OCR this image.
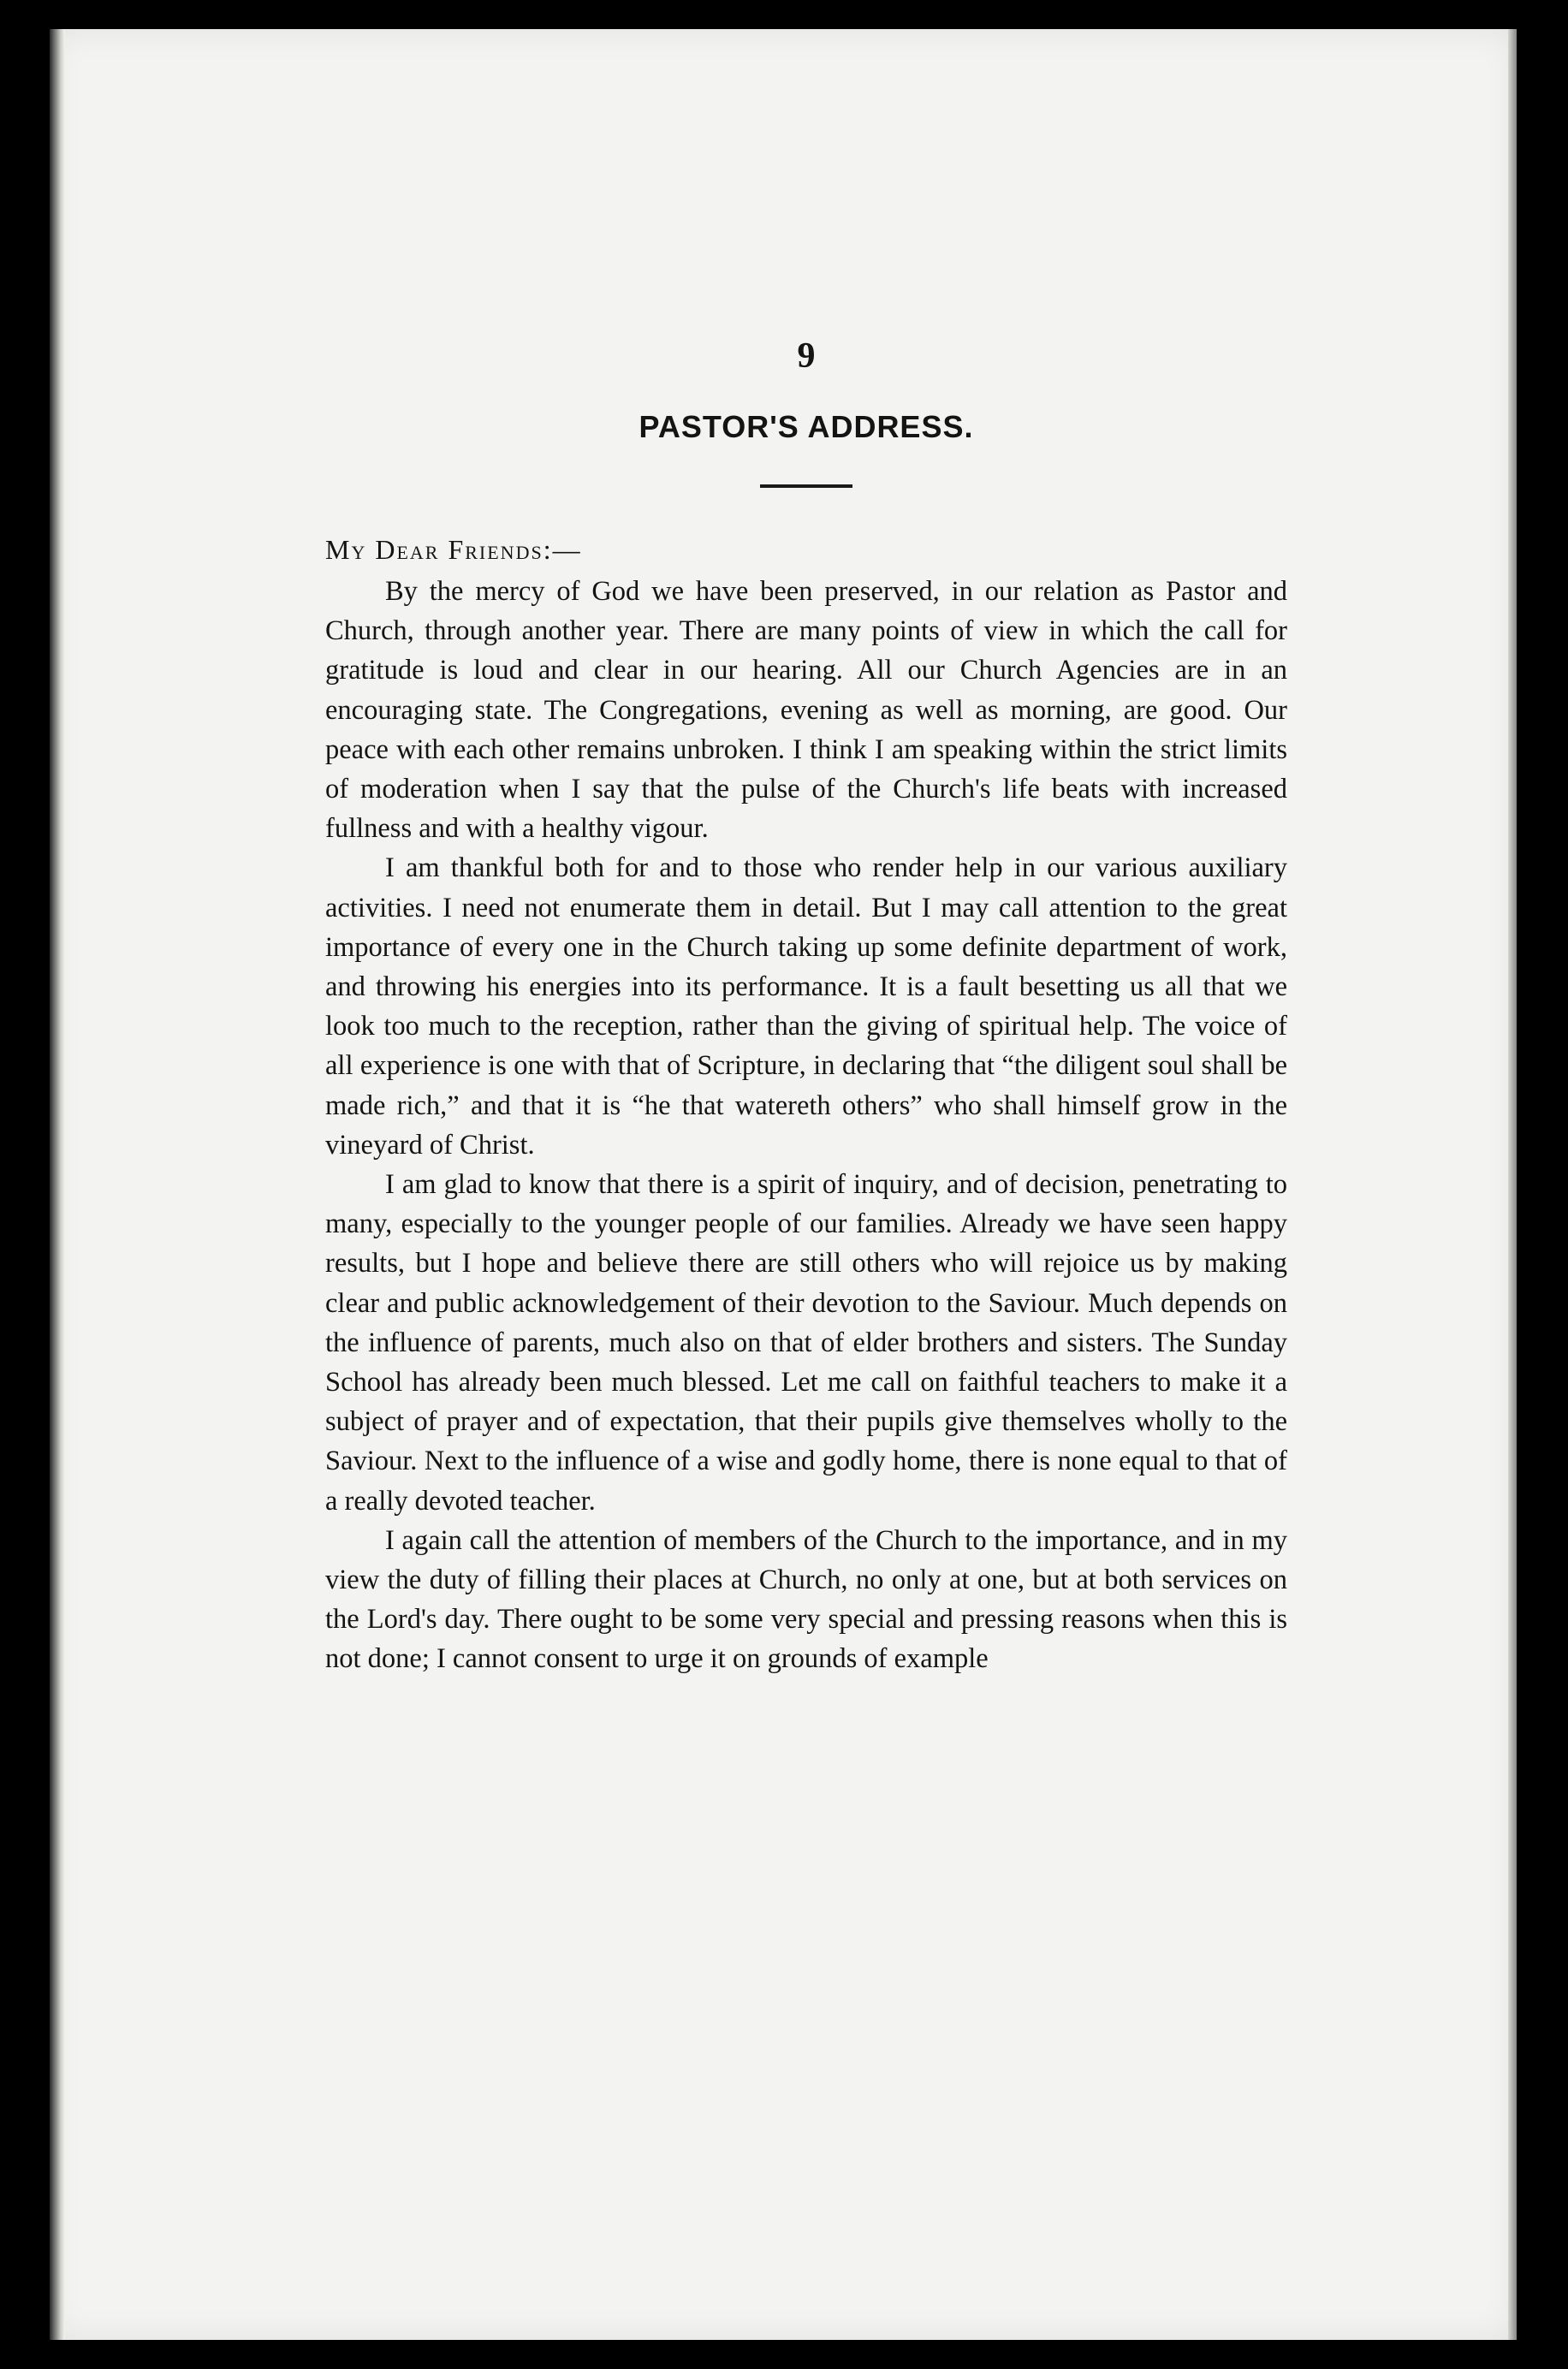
9
PASTOR'S ADDRESS.

My Dear Friends:—

By the mercy of God we have been preserved, in our relation as Pastor and Church, through another year. There are many points of view in which the call for gratitude is loud and clear in our hearing. All our Church Agencies are in an encouraging state. The Congregations, evening as well as morning, are good. Our peace with each other remains unbroken. I think I am speaking within the strict limits of moderation when I say that the pulse of the Church's life beats with increased fullness and with a healthy vigour.

I am thankful both for and to those who render help in our various auxiliary activities. I need not enumerate them in detail. But I may call attention to the great importance of every one in the Church taking up some definite department of work, and throwing his energies into its performance. It is a fault besetting us all that we look too much to the reception, rather than the giving of spiritual help. The voice of all experience is one with that of Scripture, in declaring that “the diligent soul shall be made rich,” and that it is “he that watereth others” who shall himself grow in the vineyard of Christ.

I am glad to know that there is a spirit of inquiry, and of decision, penetrating to many, especially to the younger people of our families. Already we have seen happy results, but I hope and believe there are still others who will rejoice us by making clear and public acknowledgement of their devotion to the Saviour. Much depends on the influence of parents, much also on that of elder brothers and sisters. The Sunday School has already been much blessed. Let me call on faithful teachers to make it a subject of prayer and of expectation, that their pupils give themselves wholly to the Saviour. Next to the influence of a wise and godly home, there is none equal to that of a really devoted teacher.

I again call the attention of members of the Church to the importance, and in my view the duty of filling their places at Church, no only at one, but at both services on the Lord's day. There ought to be some very special and pressing reasons when this is not done; I cannot consent to urge it on grounds of example
